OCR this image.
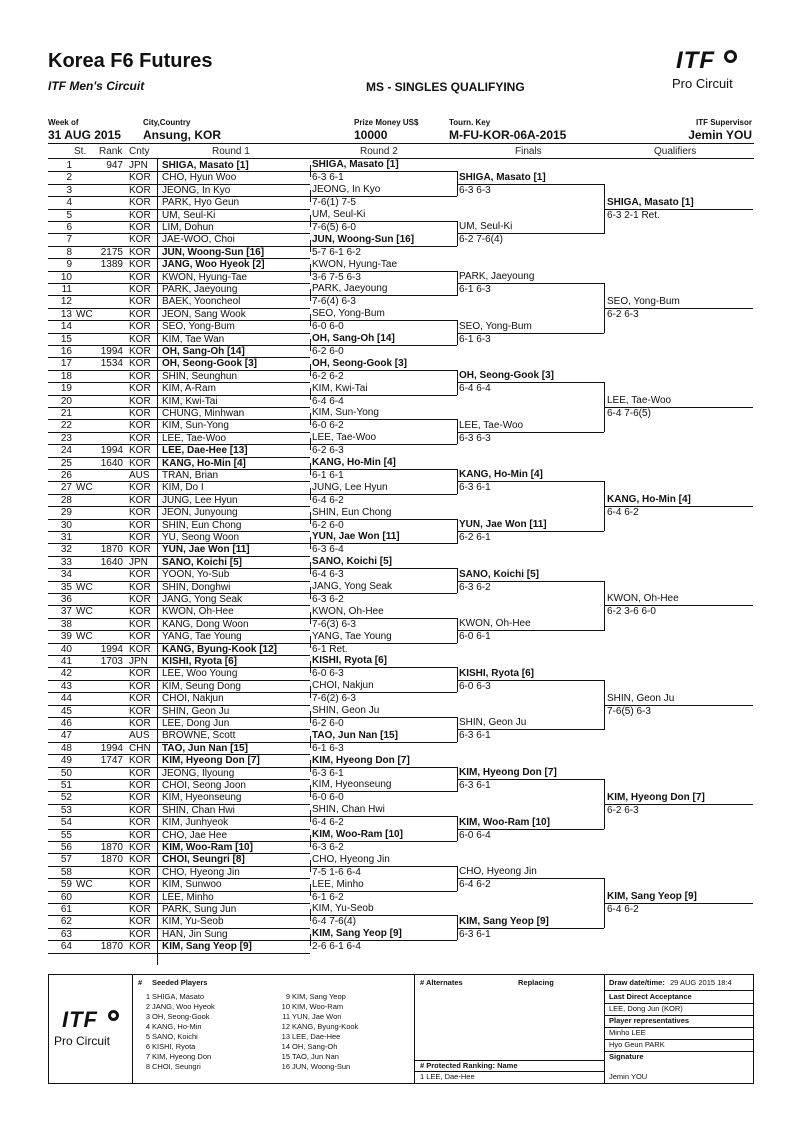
Korea F6 Futures
ITF Men's Circuit	MS - SINGLES QUALIFYING
ITF
Pro Circuit
Week of
31 AUG 2015
City,Country
Ansung, KOR
Prize Money US$
10000
Tourn. Key
M-FU-KOR-06A-2015
ITF Supervisor
Jemin YOU
St. Rank Cnty	Round 1	Round 2	Finals	Qualifiers
1	947 JPN	SHIGA, Masato [1]
2	KOR	CHO, Hyun Woo
3	KOR	JEONG, In Kyo
4	KOR	PARK, Hyo Geun
5	KOR	UM, Seul-Ki
6	KOR	LIM, Dohun
7	KOR	JAE-WOO, Choi
8	2175 KOR	JUN, Woong-Sun [16]
9	1389 KOR	JANG, Woo Hyeok [2]
10	KOR	KWON, Hyung-Tae
11	KOR	PARK, Jaeyoung
12	KOR	BAEK, Yooncheol
13 WC	KOR	JEON, Sang Wook
14	KOR	SEO, Yong-Bum
15	KOR	KIM, Tae Wan
16	1994 KOR	OH, Sang-Oh [14]
17	1534 KOR	OH, Seong-Gook [3]
18	KOR	SHIN, Seunghun
19	KOR	KIM, A-Ram
20	KOR	KIM, Kwi-Tai
21	KOR	CHUNG, Minhwan
22	KOR	KIM, Sun-Yong
23	KOR	LEE, Tae-Woo
24	1994 KOR	LEE, Dae-Hee [13]
25	1640 KOR	KANG, Ho-Min [4]
26	AUS	TRAN, Brian
27 WC	KOR	KIM, Do I
28	KOR	JUNG, Lee Hyun
29	KOR	JEON, Junyoung
30	KOR	SHIN, Eun Chong
31	KOR	YU, Seong Woon
32	1870 KOR	YUN, Jae Won [11]
33	1640 JPN	SANO, Koichi [5]
34	KOR	YOON, Yo-Sub
35 WC	KOR	SHIN, Donghwi
36	KOR	JANG, Yong Seak
37 WC	KOR	KWON, Oh-Hee
38	KOR	KANG, Dong Woon
39 WC	KOR	YANG, Tae Young
40	1994 KOR	KANG, Byung-Kook [12]
41	1703 JPN	KISHI, Ryota [6]
42	KOR	LEE, Woo Young
43	KOR	KIM, Seung Dong
44	KOR	CHOI, Nakjun
45	KOR	SHIN, Geon Ju
46	KOR	LEE, Dong Jun
47	AUS	BROWNE, Scott
48	1994 CHN	TAO, Jun Nan [15]
49	1747 KOR	KIM, Hyeong Don [7]
50	KOR	JEONG, Ilyoung
51	KOR	CHOI, Seong Joon
52	KOR	KIM, Hyeonseung
53	KOR	SHIN, Chan Hwi
54	KOR	KIM, Junhyeok
55	KOR	CHO, Jae Hee
56	1870 KOR	KIM, Woo-Ram [10]
57	1870 KOR	CHOI, Seungri [8]
58	KOR	CHO, Hyeong Jin
59 WC	KOR	KIM, Sunwoo
60	KOR	LEE, Minho
61	KOR	PARK, Sung Jun
62	KOR	KIM, Yu-Seob
63	KOR	HAN, Jin Sung
64	1870 KOR	KIM, Sang Yeop [9]
SHIGA, Masato [1]
6-3 6-1
JEONG, In Kyo
7-6(1) 7-5
UM, Seul-Ki
7-6(5) 6-0
JUN, Woong-Sun [16]
5-7 6-1 6-2
KWON, Hyung-Tae
3-6 7-5 6-3
PARK, Jaeyoung
7-6(4) 6-3
SEO, Yong-Bum
6-0 6-0
OH, Sang-Oh [14]
6-2 6-0
OH, Seong-Gook [3]
6-2 6-2
KIM, Kwi-Tai
6-4 6-4
KIM, Sun-Yong
6-0 6-2
LEE, Tae-Woo
6-2 6-3
KANG, Ho-Min [4]
6-1 6-1
JUNG, Lee Hyun
6-4 6-2
SHIN, Eun Chong
6-2 6-0
YUN, Jae Won [11]
6-3 6-4
SANO, Koichi [5]
6-4 6-3
JANG, Yong Seak
6-3 6-2
KWON, Oh-Hee
7-6(3) 6-3
YANG, Tae Young
6-1 Ret.
KISHI, Ryota [6]
6-0 6-3
CHOI, Nakjun
7-6(2) 6-3
SHIN, Geon Ju
6-2 6-0
TAO, Jun Nan [15]
6-1 6-3
KIM, Hyeong Don [7]
6-3 6-1
KIM, Hyeonseung
6-0 6-0
SHIN, Chan Hwi
6-4 6-2
KIM, Woo-Ram [10]
6-3 6-2
CHO, Hyeong Jin
7-5 1-6 6-4
LEE, Minho
6-1 6-2
KIM, Yu-Seob
6-4 7-6(4)
KIM, Sang Yeop [9]
2-6 6-1 6-4
SHIGA, Masato [1]
6-3 6-3
UM, Seul-Ki
6-2 7-6(4)
PARK, Jaeyoung
6-1 6-3
SEO, Yong-Bum
6-1 6-3
OH, Seong-Gook [3]
6-4 6-4
LEE, Tae-Woo
6-3 6-3
KANG, Ho-Min [4]
6-3 6-1
YUN, Jae Won [11]
6-2 6-1
SANO, Koichi [5]
6-3 6-2
KWON, Oh-Hee
6-0 6-1
KISHI, Ryota [6]
6-0 6-3
SHIN, Geon Ju
6-3 6-1
KIM, Hyeong Don [7]
6-3 6-1
KIM, Woo-Ram [10]
6-0 6-4
CHO, Hyeong Jin
6-4 6-2
KIM, Sang Yeop [9]
6-3 6-1
SHIGA, Masato [1]
6-3 2-1 Ret.
SEO, Yong-Bum
6-2 6-3
LEE, Tae-Woo
6-4 7-6(5)
KANG, Ho-Min [4]
6-4 6-2
KWON, Oh-Hee
6-2 3-6 6-0
SHIN, Geon Ju
7-6(5) 6-3
KIM, Hyeong Don [7]
6-2 6-3
KIM, Sang Yeop [9]
6-4 6-2
ITF
Pro Circuit
# Seeded Players
1 SHIGA, Masato
2 JANG, Woo Hyeok
3 OH, Seong-Gook
4 KANG, Ho-Min
5 SANO, Koichi
6 KISHI, Ryota
7 KIM, Hyeong Don
8 CHOI, Seungri
9 KIM, Sang Yeop
10 KIM, Woo-Ram
11 YUN, Jae Won
12 KANG, Byung-Kook
13 LEE, Dae-Hee
14 OH, Sang-Oh
15 TAO, Jun Nan
16 JUN, Woong-Sun
# Alternates	Replacing
# Protected Ranking: Name
1 LEE, Dae-Hee
Draw date/time: 29 AUG 2015 18:4
Last Direct Acceptance
LEE, Dong Jun (KOR)
Player representatives
Minho LEE
Hyo Geun PARK
Signature
Jemin YOU
